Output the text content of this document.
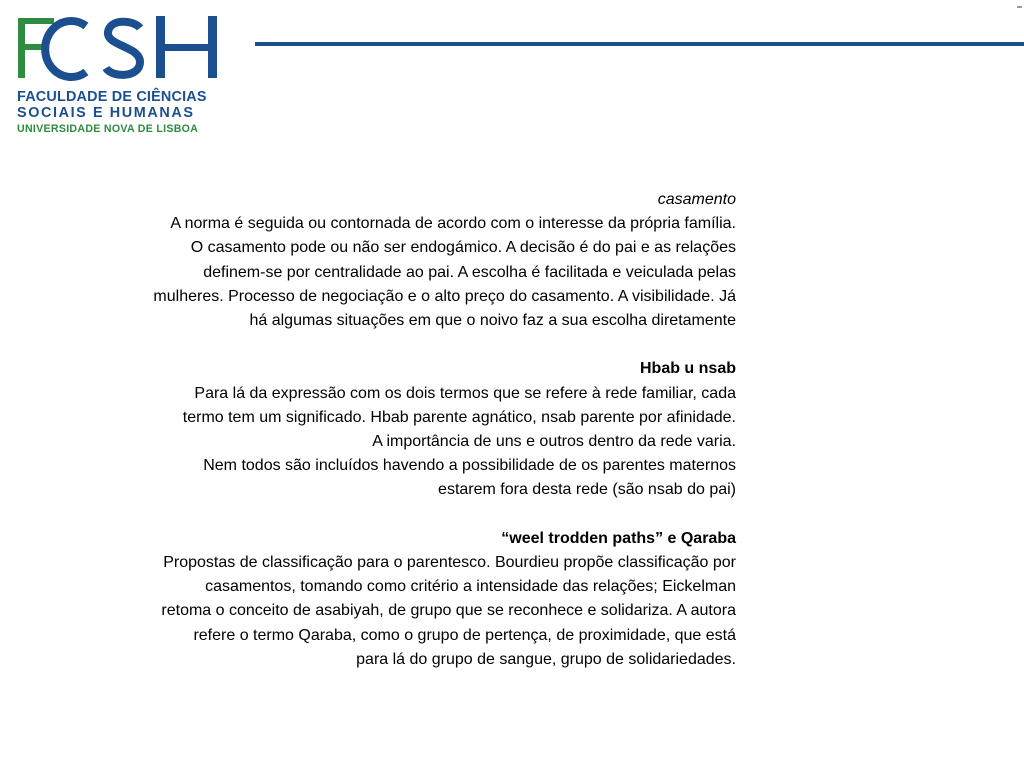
FACULDADE DE CIÊNCIAS
SOCIAIS E HUMANAS
UNIVERSIDADE NOVA DE LISBOA

casamento

A norma é seguida ou contornada de acordo com o interesse da própria família.

O casamento pode ou não ser endogámico. A decisão é do pai e as relações

definem-se por centralidade ao pai. A escolha é facilitada e veiculada pelas

mulheres. Processo de negociação e o alto preço do casamento. A visibilidade. Já

há algumas situações em que o noivo faz a sua escolha diretamente

Hbab u nsab

Para lá da expressão com os dois termos que se refere à rede familiar, cada

termo tem um significado. Hbab parente agnático, nsab parente por afinidade.

A importância de uns e outros dentro da rede varia.

Nem todos são incluídos havendo a possibilidade de os parentes maternos

estarem fora desta rede (são nsab do pai)

“weel trodden paths” e Qaraba

Propostas de classificação para o parentesco. Bourdieu propõe classificação por

casamentos, tomando como critério a intensidade das relações; Eickelman

retoma o conceito de asabiyah, de grupo que se reconhece e solidariza. A autora

refere o termo Qaraba, como o grupo de pertença, de proximidade, que está

para lá do grupo de sangue, grupo de solidariedades.
